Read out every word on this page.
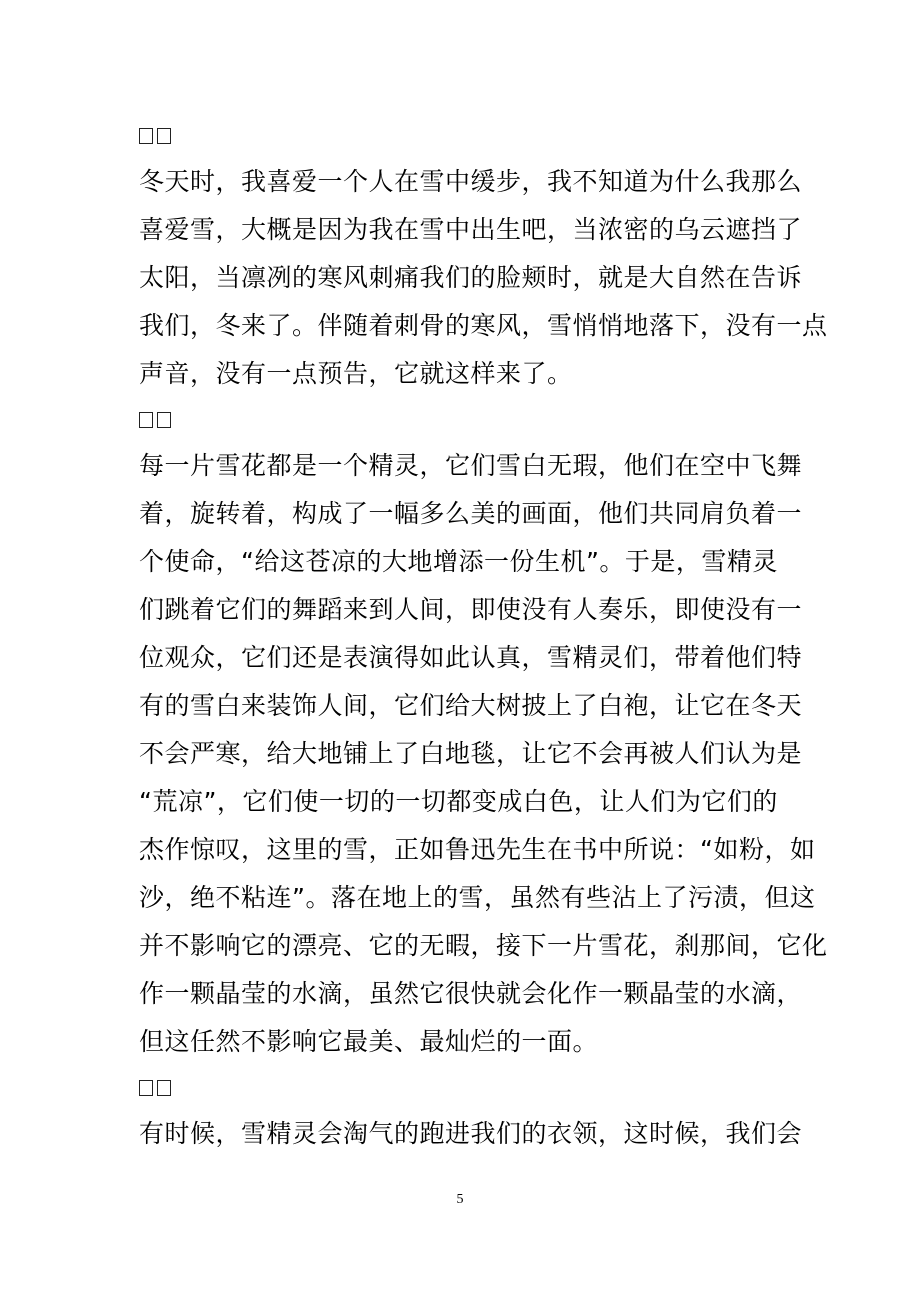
冬天时，我喜爱一个人在雪中缓步，我不知道为什么我那么
喜爱雪，大概是因为我在雪中出生吧，当浓密的乌云遮挡了
太阳，当凛冽的寒风刺痛我们的脸颊时，就是大自然在告诉
我们，冬来了。伴随着刺骨的寒风，雪悄悄地落下，没有一点
声音，没有一点预告，它就这样来了。
每一片雪花都是一个精灵，它们雪白无瑕，他们在空中飞舞
着，旋转着，构成了一幅多么美的画面，他们共同肩负着一
个使命，“给这苍凉的大地增添一份生机”。于是，雪精灵
们跳着它们的舞蹈来到人间，即使没有人奏乐，即使没有一
位观众，它们还是表演得如此认真，雪精灵们，带着他们特
有的雪白来装饰人间，它们给大树披上了白袍，让它在冬天
不会严寒，给大地铺上了白地毯，让它不会再被人们认为是
“荒凉”，它们使一切的一切都变成白色，让人们为它们的
杰作惊叹，这里的雪，正如鲁迅先生在书中所说：“如粉，如
沙，绝不粘连”。落在地上的雪，虽然有些沾上了污渍，但这
并不影响它的漂亮、它的无暇，接下一片雪花，刹那间，它化
作一颗晶莹的水滴，虽然它很快就会化作一颗晶莹的水滴，
但这任然不影响它最美、最灿烂的一面。
有时候，雪精灵会淘气的跑进我们的衣领，这时候，我们会
5
